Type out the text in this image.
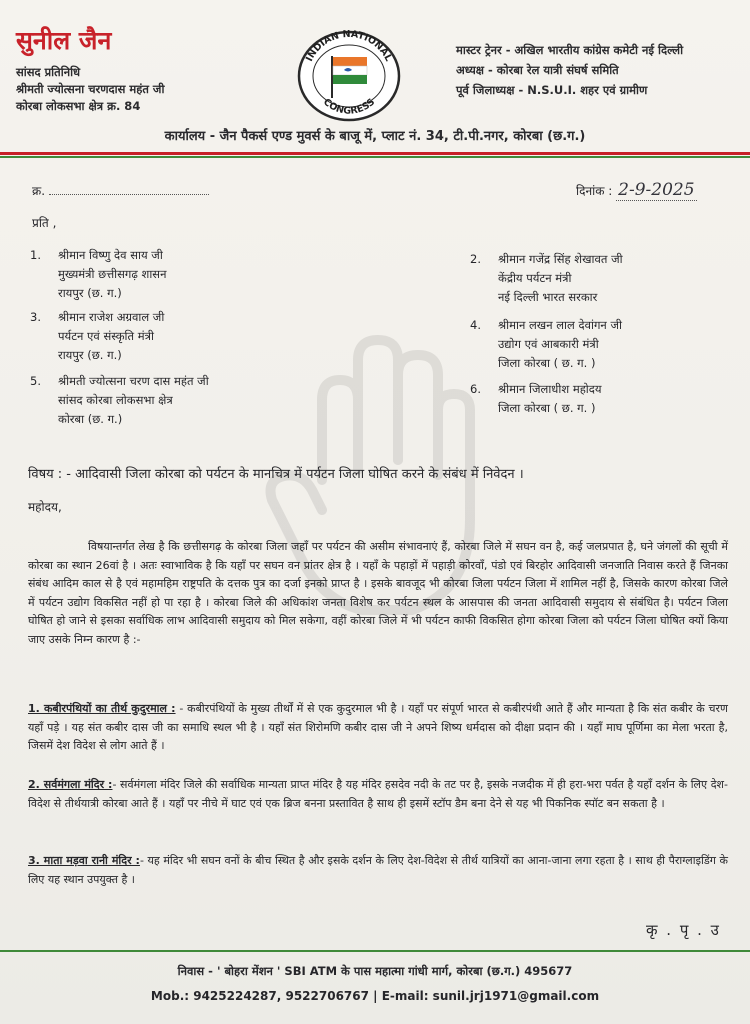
सुनील जैन
सांसद प्रतिनिधि
श्रीमती ज्योत्सना चरणदास महंत जी
कोरबा लोकसभा क्षेत्र क्र. 84
INDIAN NATIONAL
CONGRESS
मास्टर ट्रेनर - अखिल भारतीय कांग्रेस कमेटी नई दिल्ली
अध्यक्ष - कोरबा रेल यात्री संघर्ष समिति
पूर्व जिलाध्यक्ष - N.S.U.I. शहर एवं ग्रामीण
कार्यालय - जैन पैकर्स एण्ड मुवर्स के बाजू में, प्लाट नं. 34, टी.पी.नगर, कोरबा (छ.ग.)
क्र.	दिनांक : 2-9-2025
प्रति ,
1. श्रीमान विष्णु देव साय जी
मुख्यमंत्री छत्तीसगढ़ शासन
रायपुर (छ. ग.)
3. श्रीमान राजेश अग्रवाल जी
पर्यटन एवं संस्कृति मंत्री
रायपुर (छ. ग.)
5. श्रीमती ज्योत्सना चरण दास महंत जी
सांसद कोरबा लोकसभा क्षेत्र
कोरबा (छ. ग.)
2. श्रीमान गजेंद्र सिंह शेखावत जी
केंद्रीय पर्यटन मंत्री
नई दिल्ली भारत सरकार
4. श्रीमान लखन लाल देवांगन जी
उद्योग एवं आबकारी मंत्री
जिला कोरबा ( छ. ग. )
6. श्रीमान जिलाधीश महोदय
जिला कोरबा ( छ. ग. )
विषय : - आदिवासी जिला कोरबा को पर्यटन के मानचित्र में पर्यटन जिला घोषित करने के संबंध में निवेदन ।
महोदय,
विषयान्तर्गत लेख है कि छत्तीसगढ़ के कोरबा जिला जहाँ पर पर्यटन की असीम संभावनाएं हैं, कोरबा जिले में सघन वन है, कई जलप्रपात है, घने जंगलों की सूची में कोरबा का स्थान 26वां है । अतः स्वाभाविक है कि यहाँ पर सघन वन प्रांतर क्षेत्र है । यहाँ के पहाड़ों में पहाड़ी कोरवाँ, पंडो एवं बिरहोर आदिवासी जनजाति निवास करते हैं जिनका संबंध आदिम काल से है एवं महामहिम राष्ट्रपति के दत्तक पुत्र का दर्जा इनको प्राप्त है । इसके बावजूद भी कोरबा जिला पर्यटन जिला में शामिल नहीं है, जिसके कारण कोरबा जिले में पर्यटन उद्योग विकसित नहीं हो पा रहा है । कोरबा जिले की अधिकांश जनता विशेष कर पर्यटन स्थल के आसपास की जनता आदिवासी समुदाय से संबंधित है। पर्यटन जिला घोषित हो जाने से इसका सर्वाधिक लाभ आदिवासी समुदाय को मिल सकेगा, वहीं कोरबा जिले में भी पर्यटन काफी विकसित होगा कोरबा जिला को पर्यटन जिला घोषित क्यों किया जाए उसके निम्न कारण है :-
1. कबीरपंथियों का तीर्थ कुदुरमाल : - कबीरपंथियों के मुख्य तीर्थों में से एक कुदुरमाल भी है । यहाँ पर संपूर्ण भारत से कबीरपंथी आते हैं और मान्यता है कि संत कबीर के चरण यहाँ पड़े । यह संत कबीर दास जी का समाधि स्थल भी है । यहाँ संत शिरोमणि कबीर दास जी ने अपने शिष्य धर्मदास को दीक्षा प्रदान की । यहाँ माघ पूर्णिमा का मेला भरता है, जिसमें देश विदेश से लोग आते हैं ।
2. सर्वमंगला मंदिर :- सर्वमंगला मंदिर जिले की सर्वाधिक मान्यता प्राप्त मंदिर है यह मंदिर हसदेव नदी के तट पर है, इसके नजदीक में ही हरा-भरा पर्वत है यहाँ दर्शन के लिए देश-विदेश से तीर्थयात्री कोरबा आते हैं । यहाँ पर नीचे में घाट एवं एक ब्रिज बनना प्रस्तावित है साथ ही इसमें स्टॉप डैम बना देने से यह भी पिकनिक स्पॉट बन सकता है ।
3. माता मड़वा रानी मंदिर :- यह मंदिर भी सघन वनों के बीच स्थित है और इसके दर्शन के लिए देश-विदेश से तीर्थ यात्रियों का आना-जाना लगा रहता है । साथ ही पैराग्लाइडिंग के लिए यह स्थान उपयुक्त है ।
कृ . पृ . उ
निवास - ' बोहरा मेंशन ' SBI ATM के पास महात्मा गांधी मार्ग, कोरबा (छ.ग.) 495677
Mob.: 9425224287, 9522706767 | E-mail: sunil.jrj1971@gmail.com
